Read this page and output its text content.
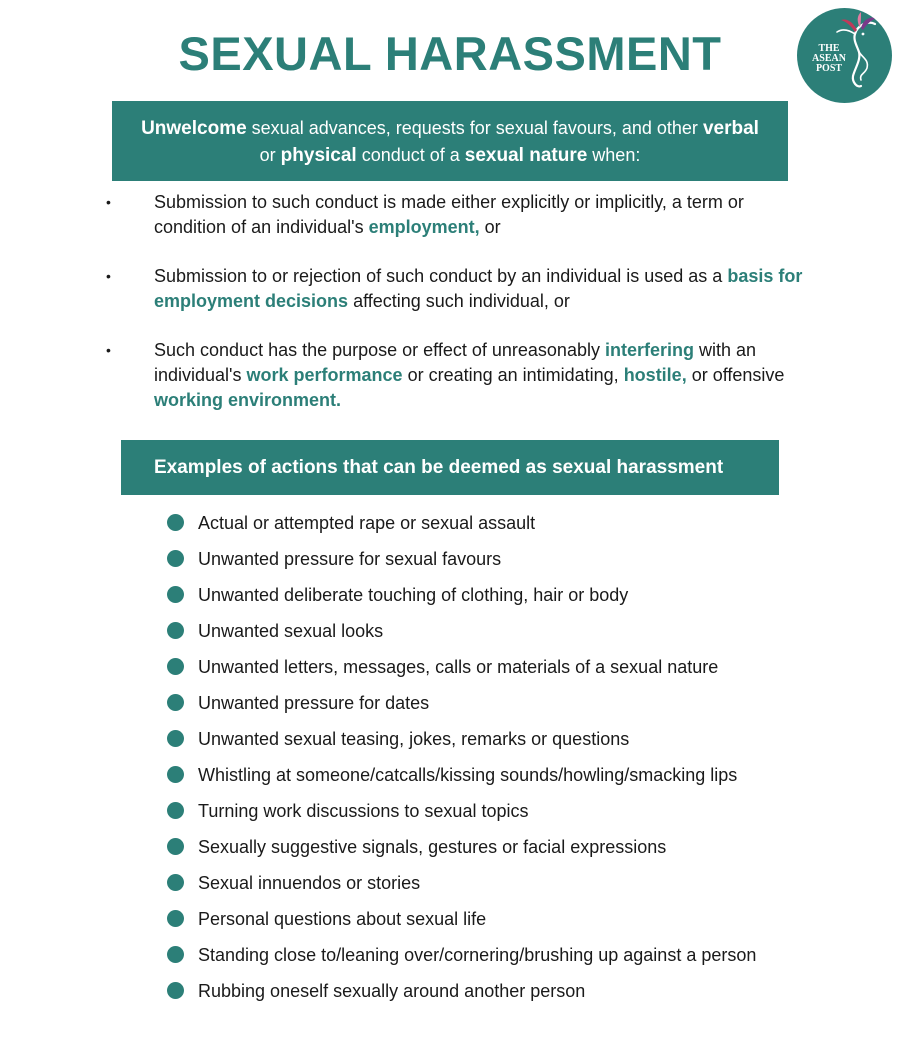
SEXUAL HARASSMENT	THE
ASEAN
POST
Unwelcome sexual advances, requests for sexual favours, and other verbal
or physical conduct of a sexual nature when:
• Submission to such conduct is made either explicitly or implicitly, a term or condition of an individual's employment, or
• Submission to or rejection of such conduct by an individual is used as a basis for employment decisions affecting such individual, or
• Such conduct has the purpose or effect of unreasonably interfering with an individual's work performance or creating an intimidating, hostile, or offensive working environment.
Examples of actions that can be deemed as sexual harassment
Actual or attempted rape or sexual assault
Unwanted pressure for sexual favours
Unwanted deliberate touching of clothing, hair or body
Unwanted sexual looks
Unwanted letters, messages, calls or materials of a sexual nature
Unwanted pressure for dates
Unwanted sexual teasing, jokes, remarks or questions
Whistling at someone/catcalls/kissing sounds/howling/smacking lips
Turning work discussions to sexual topics
Sexually suggestive signals, gestures or facial expressions
Sexual innuendos or stories
Personal questions about sexual life
Standing close to/leaning over/cornering/brushing up against a person
Rubbing oneself sexually around another person
